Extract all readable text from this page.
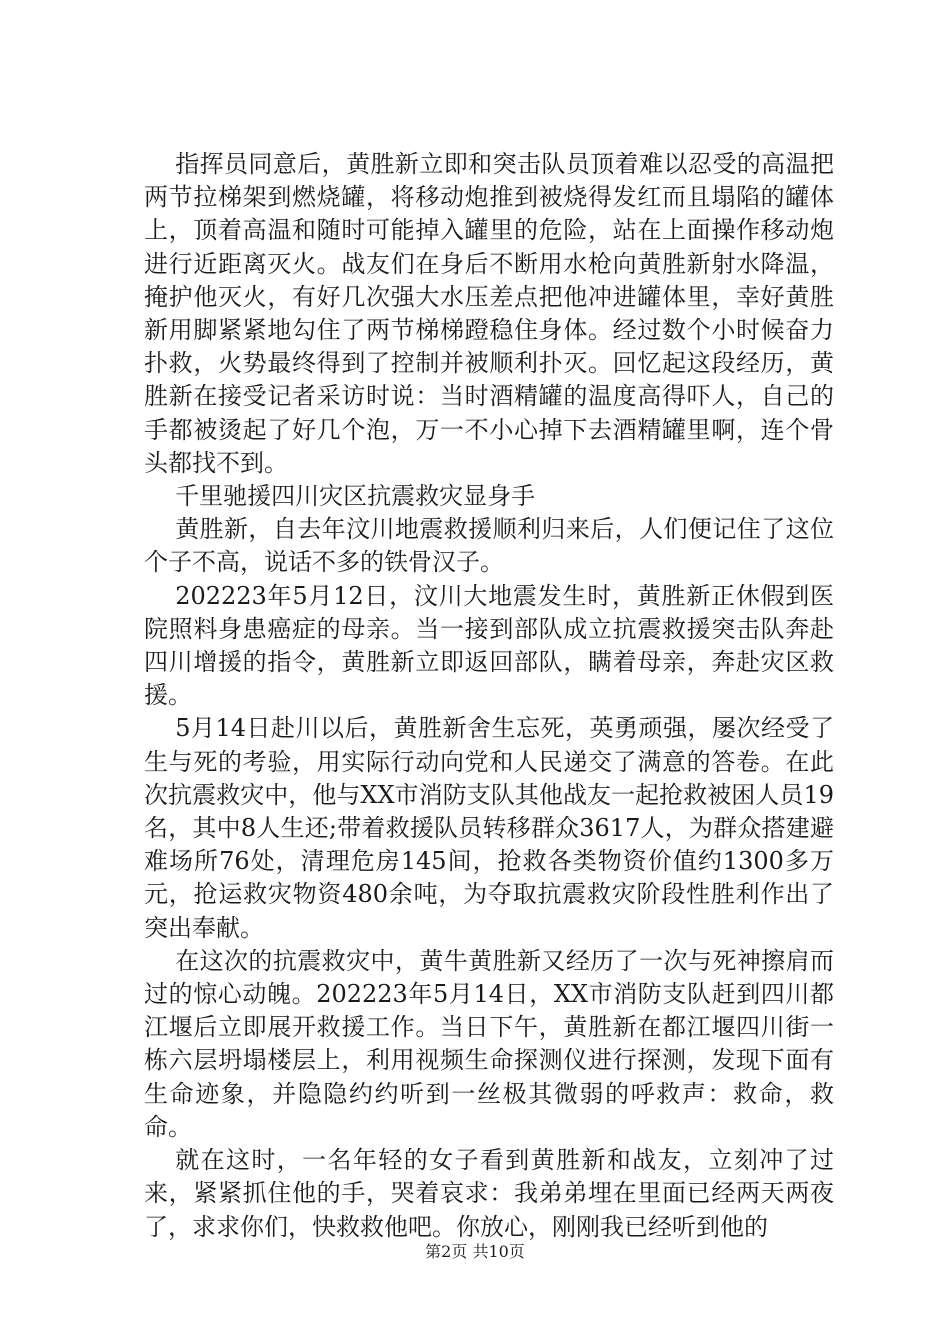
指挥员同意后，黄胜新立即和突击队员顶着难以忍受的高温把两节拉梯架到燃烧罐，将移动炮推到被烧得发红而且塌陷的罐体上，顶着高温和随时可能掉入罐里的危险，站在上面操作移动炮进行近距离灭火。战友们在身后不断用水枪向黄胜新射水降温，掩护他灭火，有好几次强大水压差点把他冲进罐体里，幸好黄胜新用脚紧紧地勾住了两节梯梯蹬稳住身体。经过数个小时候奋力扑救，火势最终得到了控制并被顺利扑灭。回忆起这段经历，黄胜新在接受记者采访时说：当时酒精罐的温度高得吓人，自己的手都被烫起了好几个泡，万一不小心掉下去酒精罐里啊，连个骨头都找不到。

千里驰援四川灾区抗震救灾显身手

黄胜新，自去年汶川地震救援顺利归来后，人们便记住了这位个子不高，说话不多的铁骨汉子。

202223年5月12日，汶川大地震发生时，黄胜新正休假到医院照料身患癌症的母亲。当一接到部队成立抗震救援突击队奔赴四川增援的指令，黄胜新立即返回部队，瞒着母亲，奔赴灾区救援。

5月14日赴川以后，黄胜新舍生忘死，英勇顽强，屡次经受了生与死的考验，用实际行动向党和人民递交了满意的答卷。在此次抗震救灾中，他与XX市消防支队其他战友一起抢救被困人员19名，其中8人生还;带着救援队员转移群众3617人，为群众搭建避难场所76处，清理危房145间，抢救各类物资价值约1300多万元，抢运救灾物资480余吨，为夺取抗震救灾阶段性胜利作出了突出奉献。

在这次的抗震救灾中，黄牛黄胜新又经历了一次与死神擦肩而过的惊心动魄。202223年5月14日，XX市消防支队赶到四川都江堰后立即展开救援工作。当日下午，黄胜新在都江堰四川街一栋六层坍塌楼层上，利用视频生命探测仪进行探测，发现下面有生命迹象，并隐隐约约听到一丝极其微弱的呼救声：救命，救命。

就在这时，一名年轻的女子看到黄胜新和战友，立刻冲了过来，紧紧抓住他的手，哭着哀求：我弟弟埋在里面已经两天两夜了，求求你们，快救救他吧。你放心，刚刚我已经听到他的

第2页 共10页
